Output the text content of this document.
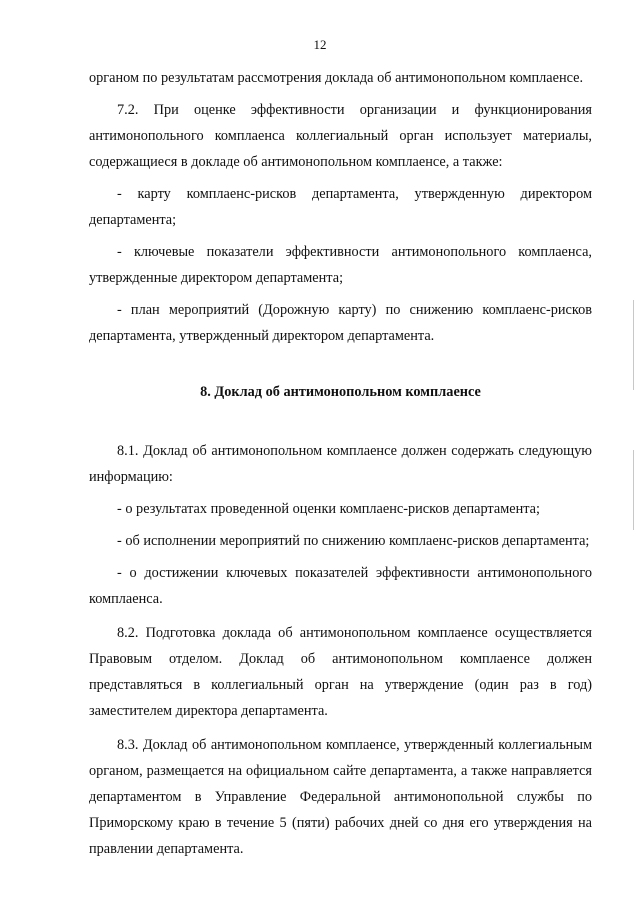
12

органом по результатам рассмотрения доклада об антимонопольном комплаенсе.

7.2. При оценке эффективности организации и функционирования антимонопольного комплаенса коллегиальный орган использует материалы, содержащиеся в докладе об антимонопольном комплаенсе, а также:

- карту комплаенс-рисков департамента, утвержденную директором департамента;

- ключевые показатели эффективности антимонопольного комплаенса, утвержденные директором департамента;

- план мероприятий (Дорожную карту) по снижению комплаенс-рисков департамента, утвержденный директором департамента.

8. Доклад об антимонопольном комплаенсе

8.1. Доклад об антимонопольном комплаенсе должен содержать следующую информацию:

- о результатах проведенной оценки комплаенс-рисков департамента;

- об исполнении мероприятий по снижению комплаенс-рисков департамента;

- о достижении ключевых показателей эффективности антимонопольного комплаенса.

8.2. Подготовка доклада об антимонопольном комплаенсе осуществляется Правовым отделом. Доклад об антимонопольном комплаенсе должен представляться в коллегиальный орган на утверждение (один раз в год) заместителем директора департамента.

8.3. Доклад об антимонопольном комплаенсе, утвержденный коллегиальным органом, размещается на официальном сайте департамента, а также направляется департаментом в Управление Федеральной антимонопольной службы по Приморскому краю в течение 5 (пяти) рабочих дней со дня его утверждения на правлении департамента.
